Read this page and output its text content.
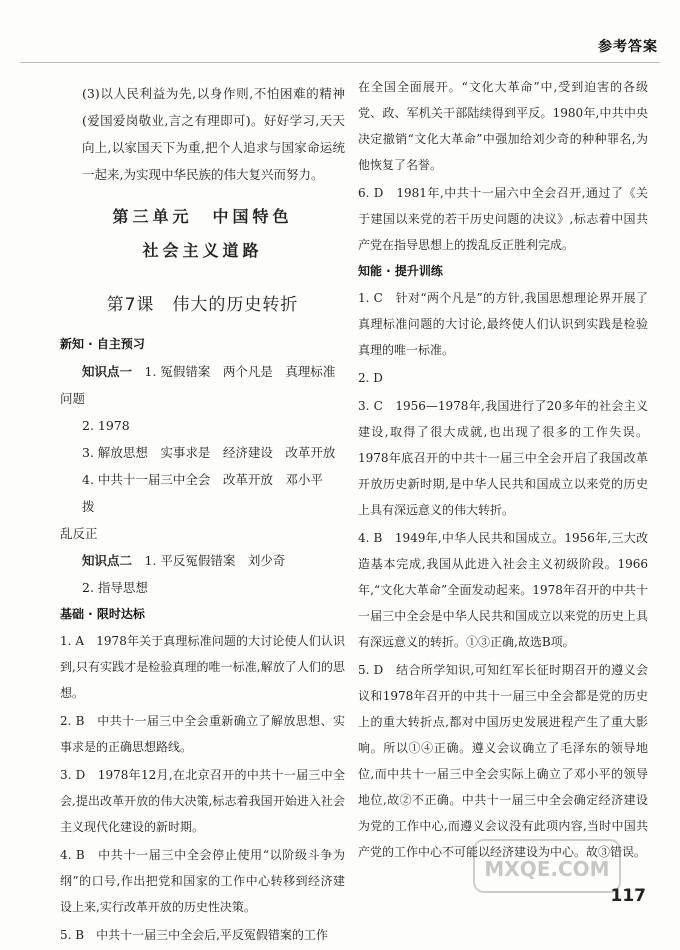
参考答案

(3)以人民利益为先,以身作则,不怕困难的精神(爱国爱岗敬业,言之有理即可)。好好学习,天天向上,以家国天下为重,把个人追求与国家命运统一起来,为实现中华民族的伟大复兴而努力。

第三单元　中国特色
社会主义道路
第7课　伟大的历史转折
新知 · 自主预习

知识点一　 1. 冤假错案　两个凡是　真理标准

问题

2. 1978

3. 解放思想　实事求是　经济建设　改革开放

4. 中共十一届三中全会　改革开放　邓小平　拨

乱反正

知识点二　 1. 平反冤假错案　刘少奇

2. 指导思想

基础 · 限时达标

1. A　1978年关于真理标准问题的大讨论使人们认识到,只有实践才是检验真理的唯一标准,解放了人们的思想。

2. B　中共十一届三中全会重新确立了解放思想、实事求是的正确思想路线。

3. D　1978年12月,在北京召开的中共十一届三中全会,提出改革开放的伟大决策,标志着我国开始进入社会主义现代化建设的新时期。

4. B　中共十一届三中全会停止使用“以阶级斗争为纲”的口号,作出把党和国家的工作中心转移到经济建设上来,实行改革开放的历史性决策。

5. B　中共十一届三中全会后,平反冤假错案的工作

在全国全面展开。“文化大革命”中,受到迫害的各级党、政、军机关干部陆续得到平反。1980年,中共中央决定撤销“文化大革命”中强加给刘少奇的种种罪名,为他恢复了名誉。

6. D　1981年,中共十一届六中全会召开,通过了《关于建国以来党的若干历史问题的决议》,标志着中国共产党在指导思想上的拨乱反正胜利完成。

知能 · 提升训练

1. C　针对“两个凡是”的方针,我国思想理论界开展了真理标准问题的大讨论,最终使人们认识到实践是检验真理的唯一标准。

2. D

3. C　1956—1978年,我国进行了20多年的社会主义建设,取得了很大成就,也出现了很多的工作失误。1978年底召开的中共十一届三中全会开启了我国改革开放历史新时期,是中华人民共和国成立以来党的历史上具有深远意义的伟大转折。

4. B　1949年,中华人民共和国成立。1956年,三大改造基本完成,我国从此进入社会主义初级阶段。1966年,“文化大革命”全面发动起来。1978年召开的中共十一届三中全会是中华人民共和国成立以来党的历史上具有深远意义的转折。①③正确,故选B项。

5. D　结合所学知识,可知红军长征时期召开的遵义会议和1978年召开的中共十一届三中全会都是党的历史上的重大转折点,都对中国历史发展进程产生了重大影响。所以①④正确。遵义会议确立了毛泽东的领导地位,而中共十一届三中全会实际上确立了邓小平的领导地位,故②不正确。中共十一届三中全会确定经济建设为党的工作中心,而遵义会议没有此项内容,当时中国共产党的工作中心不可能以经济建设为中心。故③错误。

MXQE.COM
117
